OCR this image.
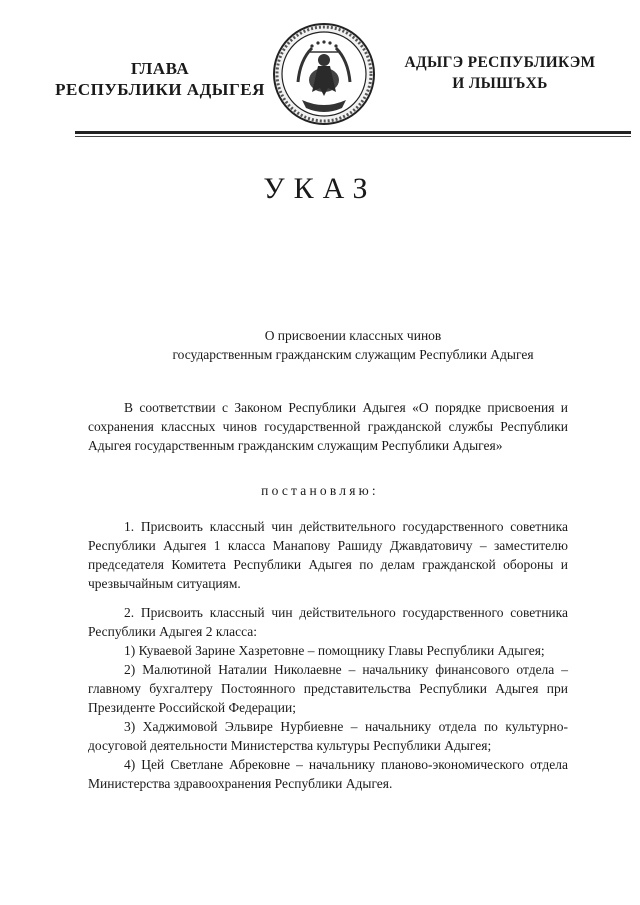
ГЛАВА
РЕСПУБЛИКИ АДЫГЕЯ
АДЫГЭ РЕСПУБЛИКЭМ
И ЛЫШЪХЬ
УКАЗ
О присвоении классных чинов
государственным гражданским служащим Республики Адыгея
В соответствии с Законом Республики Адыгея «О порядке присвоения и сохранения классных чинов государственной гражданской службы Республики Адыгея государственным гражданским служащим Республики Адыгея»
постановляю:
1. Присвоить классный чин действительного государственного советника Республики Адыгея 1 класса Манапову Рашиду Джавдатовичу – заместителю председателя Комитета Республики Адыгея по делам гражданской обороны и чрезвычайным ситуациям.
2. Присвоить классный чин действительного государственного советника Республики Адыгея 2 класса:
1) Куваевой Зарине Хазретовне – помощнику Главы Республики Адыгея;
2) Малютиной Наталии Николаевне – начальнику финансового отдела – главному бухгалтеру Постоянного представительства Республики Адыгея при Президенте Российской Федерации;
3) Хаджимовой Эльвире Нурбиевне – начальнику отдела по культурно-досуговой деятельности Министерства культуры Республики Адыгея;
4) Цей Светлане Абрековне – начальнику планово-экономического отдела Министерства здравоохранения Республики Адыгея.
